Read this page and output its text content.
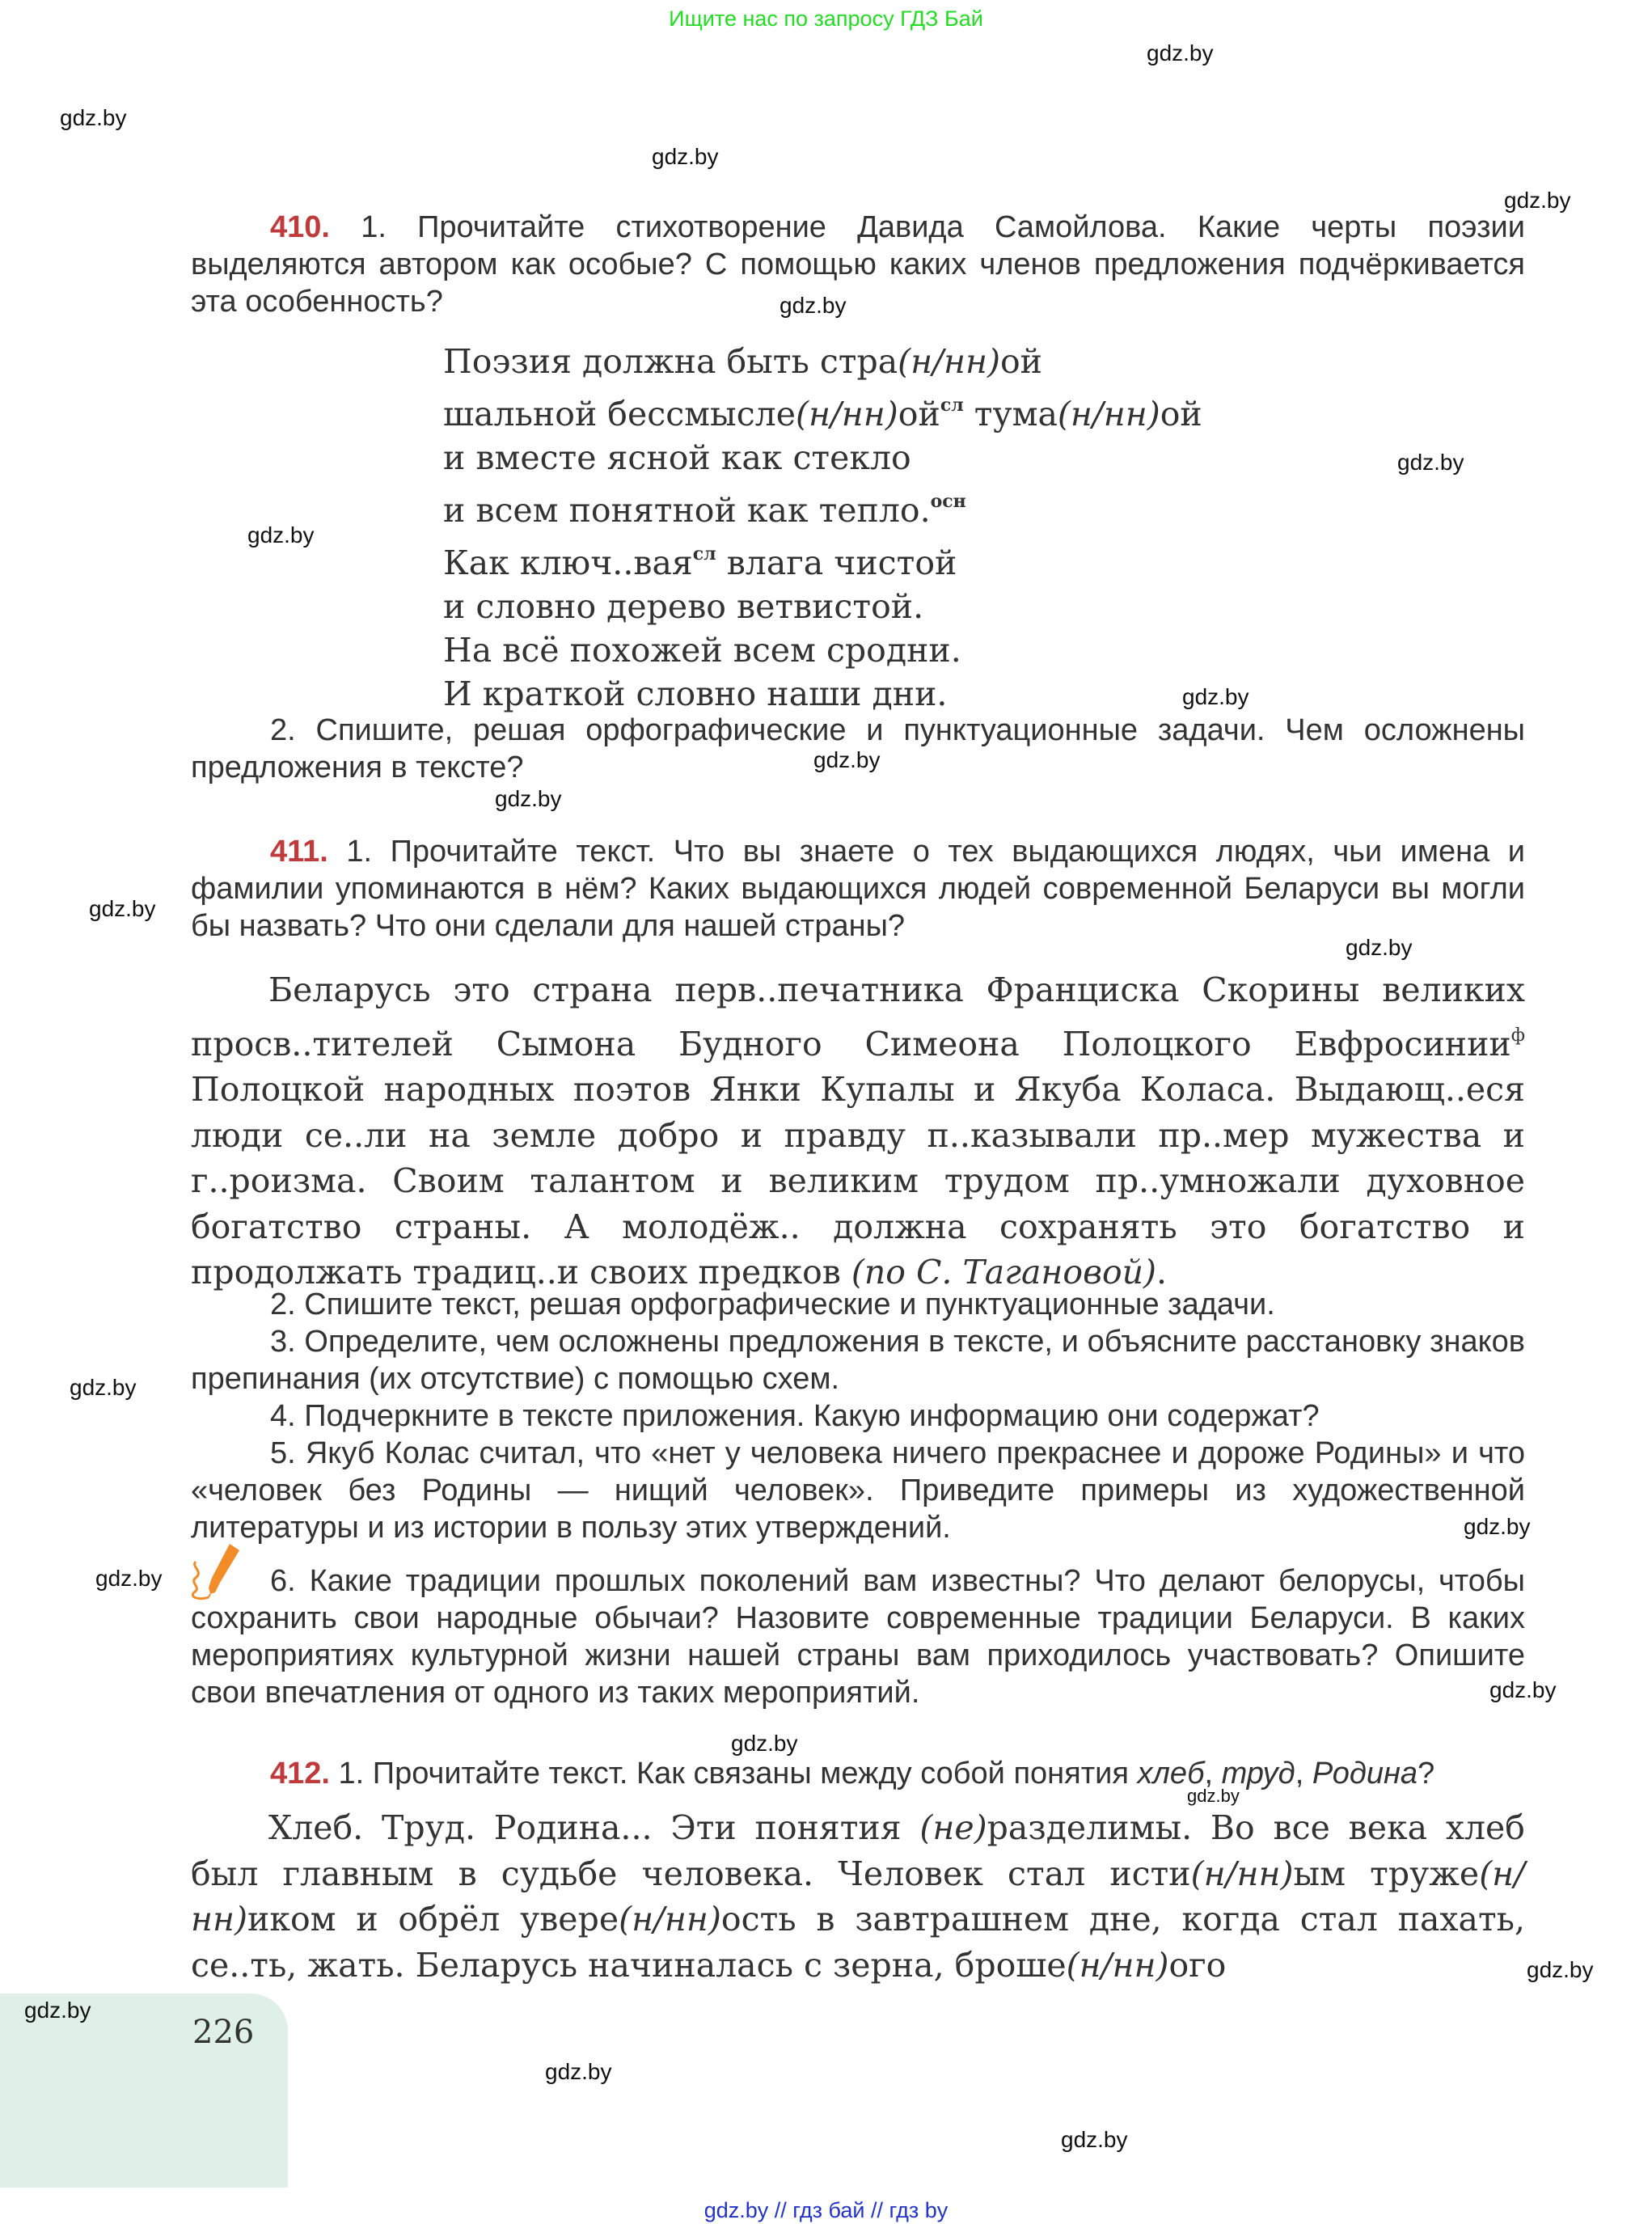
Ищите нас по запросу ГДЗ Бай
gdz.by
gdz.by
gdz.by
gdz.by
gdz.by
gdz.by
gdz.by
gdz.by
gdz.by
gdz.by
gdz.by
gdz.by
gdz.by
gdz.by
gdz.by
gdz.by
gdz.by
gdz.by
gdz.by
gdz.by
gdz.by
gdz.by

410. 1. Прочитайте стихотворение Давида Самойлова. Какие черты поэзии выделяются автором как особые? С помощью каких членов предложения подчёркивается эта особенность?

Поэзия должна быть стра(н/нн)ой
шальной $бессмысле(н/нн)ой^{сл}$ тума(н/нн)ой
и вместе ясной как стекло
и всем понятной как тепло.$^{осн}$
Как ключ..вая$^{сл}$ влага чистой
и словно дерево ветвистой.
На всё похожей всем сродни.
И краткой словно наши дни.

2. Спишите, решая орфографические и пунктуационные задачи. Чем осложнены предложения в тексте?

411. 1. Прочитайте текст. Что вы знаете о тех выдающихся людях, чьи имена и фамилии упоминаются в нём? Каких выдающихся людей современной Беларуси вы могли бы назвать? Что они сделали для нашей страны?

Беларусь это страна перв..печатника Франциска Скорины великих просв..тителей Сымона Будного Симеона Полоцкого Евфросинии$^ф$ Полоцкой народных поэтов Янки Купалы и Якуба Коласа. Выдающ..еся люди се..ли на земле добро и правду п..казывали пр..мер мужества и г..роизма. Своим талантом и великим трудом пр..умножали духовное богатство страны. А молодёж.. должна сохранять это богатство и продолжать традиц..и своих предков (по С. Тагановой).

2. Спишите текст, решая орфографические и пунктуационные задачи.

3. Определите, чем осложнены предложения в тексте, и объясните расстановку знаков препинания (их отсутствие) с помощью схем.

4. Подчеркните в тексте приложения. Какую информацию они содержат?

5. Якуб Колас считал, что «нет у человека ничего прекраснее и дороже Родины» и что «человек без Родины — нищий человек». Приведите примеры из художественной литературы и из истории в пользу этих утверждений.

6. Какие традиции прошлых поколений вам известны? Что делают белорусы, чтобы сохранить свои народные обычаи? Назовите современные традиции Беларуси. В каких мероприятиях культурной жизни нашей страны вам приходилось участвовать? Опишите свои впечатления от одного из таких мероприятий.

412. 1. Прочитайте текст. Как связаны между собой понятия хлеб, труд, Родина?

Хлеб. Труд. Родина... Эти понятия (не)разделимы. Во все века хлеб был главным в судьбе человека. Человек стал исти(н/нн)ым труже(н/нн)иком и обрёл увере(н/нн)ость в завтрашнем дне, когда стал пахать, се..ть, жать. Беларусь начиналась с зерна, броше(н/нн)ого

226
gdz.by // гдз бай // гдз by
